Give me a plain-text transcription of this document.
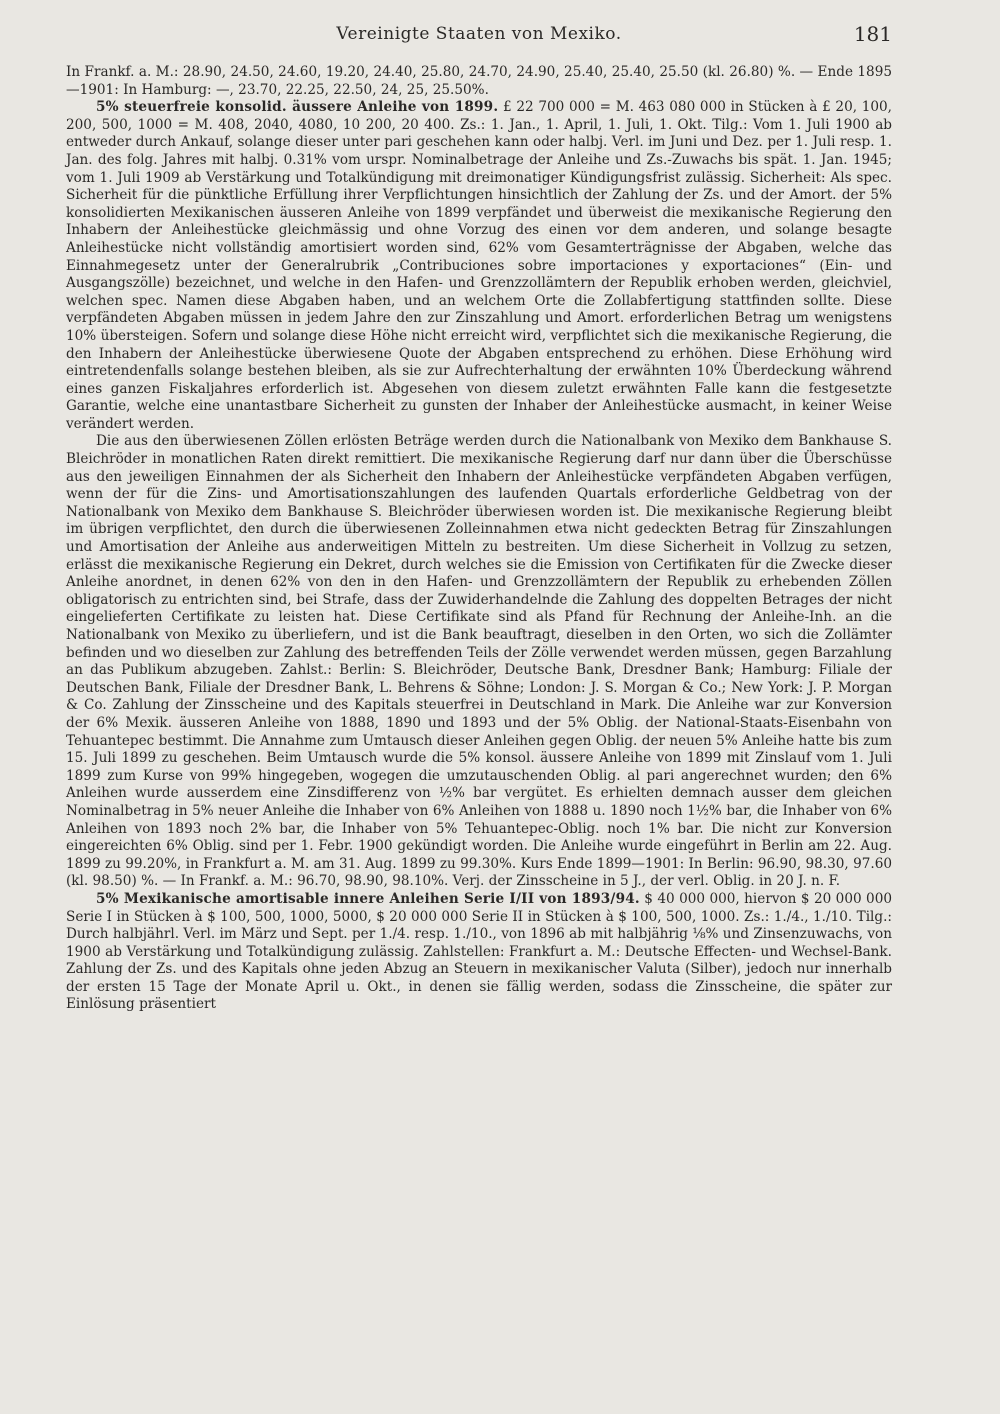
Vereinigte Staaten von Mexiko.	181

In Frankf. a. M.: 28.90, 24.50, 24.60, 19.20, 24.40, 25.80, 24.70, 24.90, 25.40, 25.40, 25.50 (kl. 26.80) %. — Ende 1895—1901: In Hamburg: —, 23.70, 22.25, 22.50, 24, 25, 25.50%.

5% steuerfreie konsolid. äussere Anleihe von 1899. £ 22 700 000 = M. 463 080 000 in Stücken à £ 20, 100, 200, 500, 1000 = M. 408, 2040, 4080, 10 200, 20 400. Zs.: 1. Jan., 1. April, 1. Juli, 1. Okt. Tilg.: Vom 1. Juli 1900 ab entweder durch Ankauf, solange dieser unter pari geschehen kann oder halbj. Verl. im Juni und Dez. per 1. Juli resp. 1. Jan. des folg. Jahres mit halbj. 0.31% vom urspr. Nominalbetrage der Anleihe und Zs.-Zuwachs bis spät. 1. Jan. 1945; vom 1. Juli 1909 ab Verstärkung und Totalkündigung mit dreimonatiger Kündigungsfrist zulässig. Sicherheit: Als spec. Sicherheit für die pünktliche Erfüllung ihrer Verpflichtungen hinsichtlich der Zahlung der Zs. und der Amort. der 5% konsolidierten Mexikanischen äusseren Anleihe von 1899 verpfändet und überweist die mexikanische Regierung den Inhabern der Anleihestücke gleichmässig und ohne Vorzug des einen vor dem anderen, und solange besagte Anleihestücke nicht vollständig amortisiert worden sind, 62% vom Gesamterträgnisse der Abgaben, welche das Einnahmegesetz unter der Generalrubrik „Contribuciones sobre importaciones y exportaciones“ (Ein- und Ausgangszölle) bezeichnet, und welche in den Hafen- und Grenzzollämtern der Republik erhoben werden, gleichviel, welchen spec. Namen diese Abgaben haben, und an welchem Orte die Zollabfertigung stattfinden sollte. Diese verpfändeten Abgaben müssen in jedem Jahre den zur Zinszahlung und Amort. erforderlichen Betrag um wenigstens 10% übersteigen. Sofern und solange diese Höhe nicht erreicht wird, verpflichtet sich die mexikanische Regierung, die den Inhabern der Anleihestücke überwiesene Quote der Abgaben entsprechend zu erhöhen. Diese Erhöhung wird eintretendenfalls solange bestehen bleiben, als sie zur Aufrechterhaltung der erwähnten 10% Überdeckung während eines ganzen Fiskaljahres erforderlich ist. Abgesehen von diesem zuletzt erwähnten Falle kann die festgesetzte Garantie, welche eine unantastbare Sicherheit zu gunsten der Inhaber der Anleihestücke ausmacht, in keiner Weise verändert werden.

Die aus den überwiesenen Zöllen erlösten Beträge werden durch die Nationalbank von Mexiko dem Bankhause S. Bleichröder in monatlichen Raten direkt remittiert. Die mexikanische Regierung darf nur dann über die Überschüsse aus den jeweiligen Einnahmen der als Sicherheit den Inhabern der Anleihestücke verpfändeten Abgaben verfügen, wenn der für die Zins- und Amortisationszahlungen des laufenden Quartals erforderliche Geldbetrag von der Nationalbank von Mexiko dem Bankhause S. Bleichröder überwiesen worden ist. Die mexikanische Regierung bleibt im übrigen verpflichtet, den durch die überwiesenen Zolleinnahmen etwa nicht gedeckten Betrag für Zinszahlungen und Amortisation der Anleihe aus anderweitigen Mitteln zu bestreiten. Um diese Sicherheit in Vollzug zu setzen, erlässt die mexikanische Regierung ein Dekret, durch welches sie die Emission von Certifikaten für die Zwecke dieser Anleihe anordnet, in denen 62% von den in den Hafen- und Grenzzollämtern der Republik zu erhebenden Zöllen obligatorisch zu entrichten sind, bei Strafe, dass der Zuwiderhandelnde die Zahlung des doppelten Betrages der nicht eingelieferten Certifikate zu leisten hat. Diese Certifikate sind als Pfand für Rechnung der Anleihe-Inh. an die Nationalbank von Mexiko zu überliefern, und ist die Bank beauftragt, dieselben in den Orten, wo sich die Zollämter befinden und wo dieselben zur Zahlung des betreffenden Teils der Zölle verwendet werden müssen, gegen Barzahlung an das Publikum abzugeben. Zahlst.: Berlin: S. Bleichröder, Deutsche Bank, Dresdner Bank; Hamburg: Filiale der Deutschen Bank, Filiale der Dresdner Bank, L. Behrens & Söhne; London: J. S. Morgan & Co.; New York: J. P. Morgan & Co. Zahlung der Zinsscheine und des Kapitals steuerfrei in Deutschland in Mark. Die Anleihe war zur Konversion der 6% Mexik. äusseren Anleihe von 1888, 1890 und 1893 und der 5% Oblig. der National-Staats-Eisenbahn von Tehuantepec bestimmt. Die Annahme zum Umtausch dieser Anleihen gegen Oblig. der neuen 5% Anleihe hatte bis zum 15. Juli 1899 zu geschehen. Beim Umtausch wurde die 5% konsol. äussere Anleihe von 1899 mit Zinslauf vom 1. Juli 1899 zum Kurse von 99% hingegeben, wogegen die umzutauschenden Oblig. al pari angerechnet wurden; den 6% Anleihen wurde ausserdem eine Zinsdifferenz von ½% bar vergütet. Es erhielten demnach ausser dem gleichen Nominalbetrag in 5% neuer Anleihe die Inhaber von 6% Anleihen von 1888 u. 1890 noch 1½% bar, die Inhaber von 6% Anleihen von 1893 noch 2% bar, die Inhaber von 5% Tehuantepec-Oblig. noch 1% bar. Die nicht zur Konversion eingereichten 6% Oblig. sind per 1. Febr. 1900 gekündigt worden. Die Anleihe wurde eingeführt in Berlin am 22. Aug. 1899 zu 99.20%, in Frankfurt a. M. am 31. Aug. 1899 zu 99.30%. Kurs Ende 1899—1901: In Berlin: 96.90, 98.30, 97.60 (kl. 98.50) %. — In Frankf. a. M.: 96.70, 98.90, 98.10%. Verj. der Zinsscheine in 5 J., der verl. Oblig. in 20 J. n. F.

5% Mexikanische amortisable innere Anleihen Serie I/II von 1893/94. $ 40 000 000, hiervon $ 20 000 000 Serie I in Stücken à $ 100, 500, 1000, 5000, $ 20 000 000 Serie II in Stücken à $ 100, 500, 1000. Zs.: 1./4., 1./10. Tilg.: Durch halbjährl. Verl. im März und Sept. per 1./4. resp. 1./10., von 1896 ab mit halbjährig ⅛% und Zinsenzuwachs, von 1900 ab Verstärkung und Totalkündigung zulässig. Zahlstellen: Frankfurt a. M.: Deutsche Effecten- und Wechsel-Bank. Zahlung der Zs. und des Kapitals ohne jeden Abzug an Steuern in mexikanischer Valuta (Silber), jedoch nur innerhalb der ersten 15 Tage der Monate April u. Okt., in denen sie fällig werden, sodass die Zinsscheine, die später zur Einlösung präsentiert
